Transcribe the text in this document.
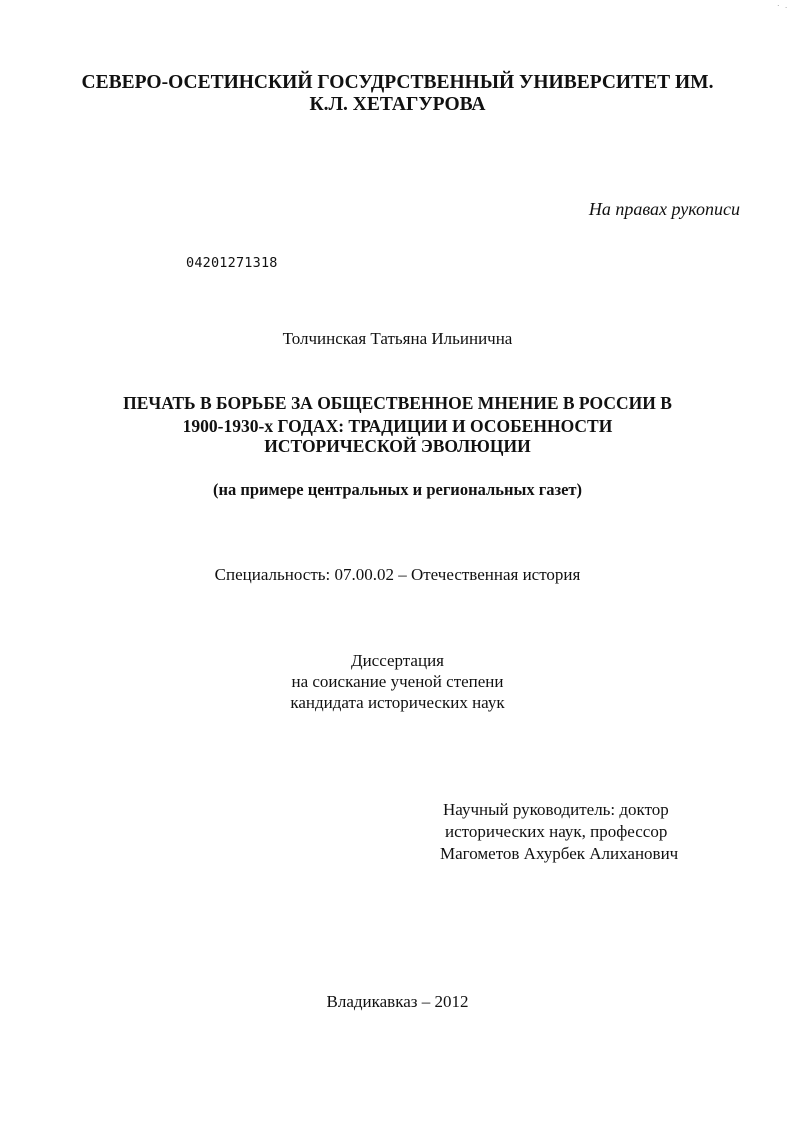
· .
СЕВЕРО-ОСЕТИНСКИЙ ГОСУДРСТВЕННЫЙ УНИВЕРСИТЕТ ИМ.
К.Л. ХЕТАГУРОВА
На правах рукописи
04201271318
Толчинская Татьяна Ильинична
ПЕЧАТЬ В БОРЬБЕ ЗА ОБЩЕСТВЕННОЕ МНЕНИЕ В РОССИИ В
1900-1930-х ГОДАХ: ТРАДИЦИИ И ОСОБЕННОСТИ
ИСТОРИЧЕСКОЙ ЭВОЛЮЦИИ
(на примере центральных и региональных газет)
Специальность: 07.00.02 – Отечественная история
Диссертация
на соискание ученой степени
кандидата исторических наук
Научный руководитель: доктор
исторических наук, профессор
Магометов Ахурбек Алиханович
Владикавказ – 2012
